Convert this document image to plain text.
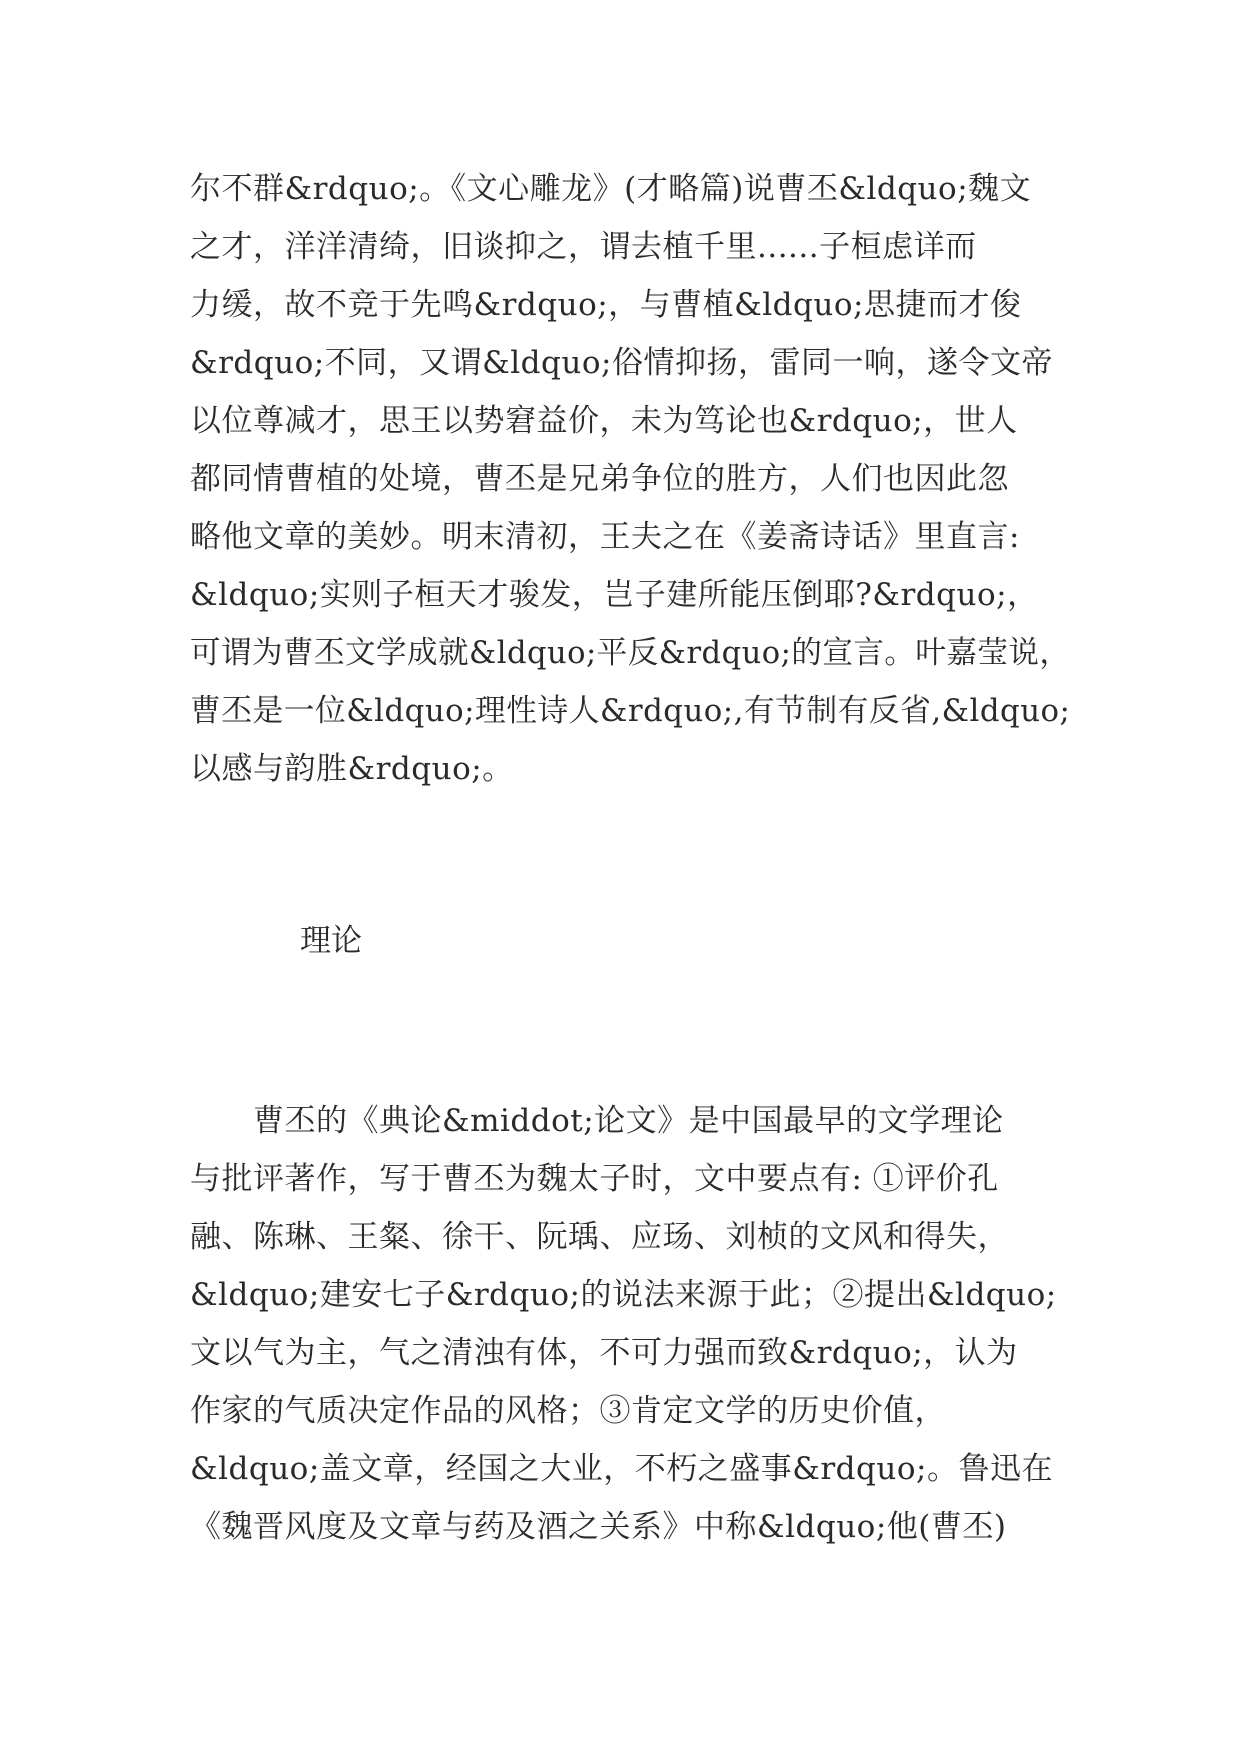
尔不群&rdquo;。《文心雕龙》(才略篇)说曹丕&ldquo;魏文
之才，洋洋清绮，旧谈抑之，谓去植千里......子桓虑详而
力缓，故不竞于先鸣&rdquo;，与曹植&ldquo;思捷而才俊
&rdquo;不同，又谓&ldquo;俗情抑扬，雷同一响，遂令文帝
以位尊减才，思王以势窘益价，未为笃论也&rdquo;，世人
都同情曹植的处境，曹丕是兄弟争位的胜方，人们也因此忽
略他文章的美妙。明末清初，王夫之在《姜斋诗话》里直言:
&ldquo;实则子桓天才骏发，岂子建所能压倒耶?&rdquo;，
可谓为曹丕文学成就&ldquo;平反&rdquo;的宣言。叶嘉莹说，
曹丕是一位&ldquo;理性诗人&rdquo;,有节制有反省,&ldquo;
以感与韵胜&rdquo;。
理论
　　曹丕的《典论&middot;论文》是中国最早的文学理论
与批评著作，写于曹丕为魏太子时，文中要点有: ①评价孔
融、陈琳、王粲、徐干、阮瑀、应玚、刘桢的文风和得失，
&ldquo;建安七子&rdquo;的说法来源于此；②提出&ldquo;
文以气为主，气之清浊有体，不可力强而致&rdquo;，认为
作家的气质决定作品的风格；③肯定文学的历史价值，
&ldquo;盖文章，经国之大业，不朽之盛事&rdquo;。鲁迅在
《魏晋风度及文章与药及酒之关系》中称&ldquo;他(曹丕)
